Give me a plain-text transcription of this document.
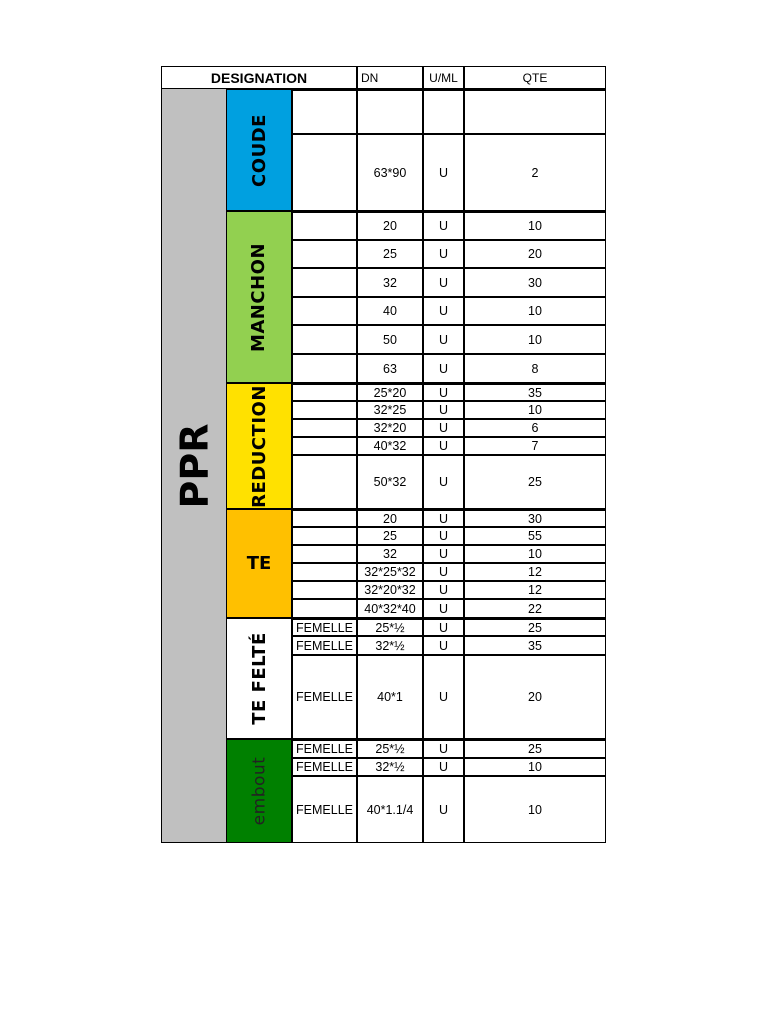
DESIGNATION	DN	U/ML	QTE
PPR
COUDE	63*90	U	2
MANCHON
20	U	10
25	U	20
32	U	30
40	U	10
50	U	10
63	U	8
REDUCTION	25*20	U	35
32*25	U	10
32*20	U	6
40*32	U	7
50*32	U	25
TE
20	U	30
25	U	55
32	U	10
32*25*32	U	12
32*20*32	U	12
40*32*40	U	22
TE FELTÉ
FEMELLE	25*½	U	25
FEMELLE	32*½	U	35
FEMELLE	40*1	U	20
embout
FEMELLE	25*½	U	25
FEMELLE	32*½	U	10
FEMELLE	40*1.1/4	U	10
